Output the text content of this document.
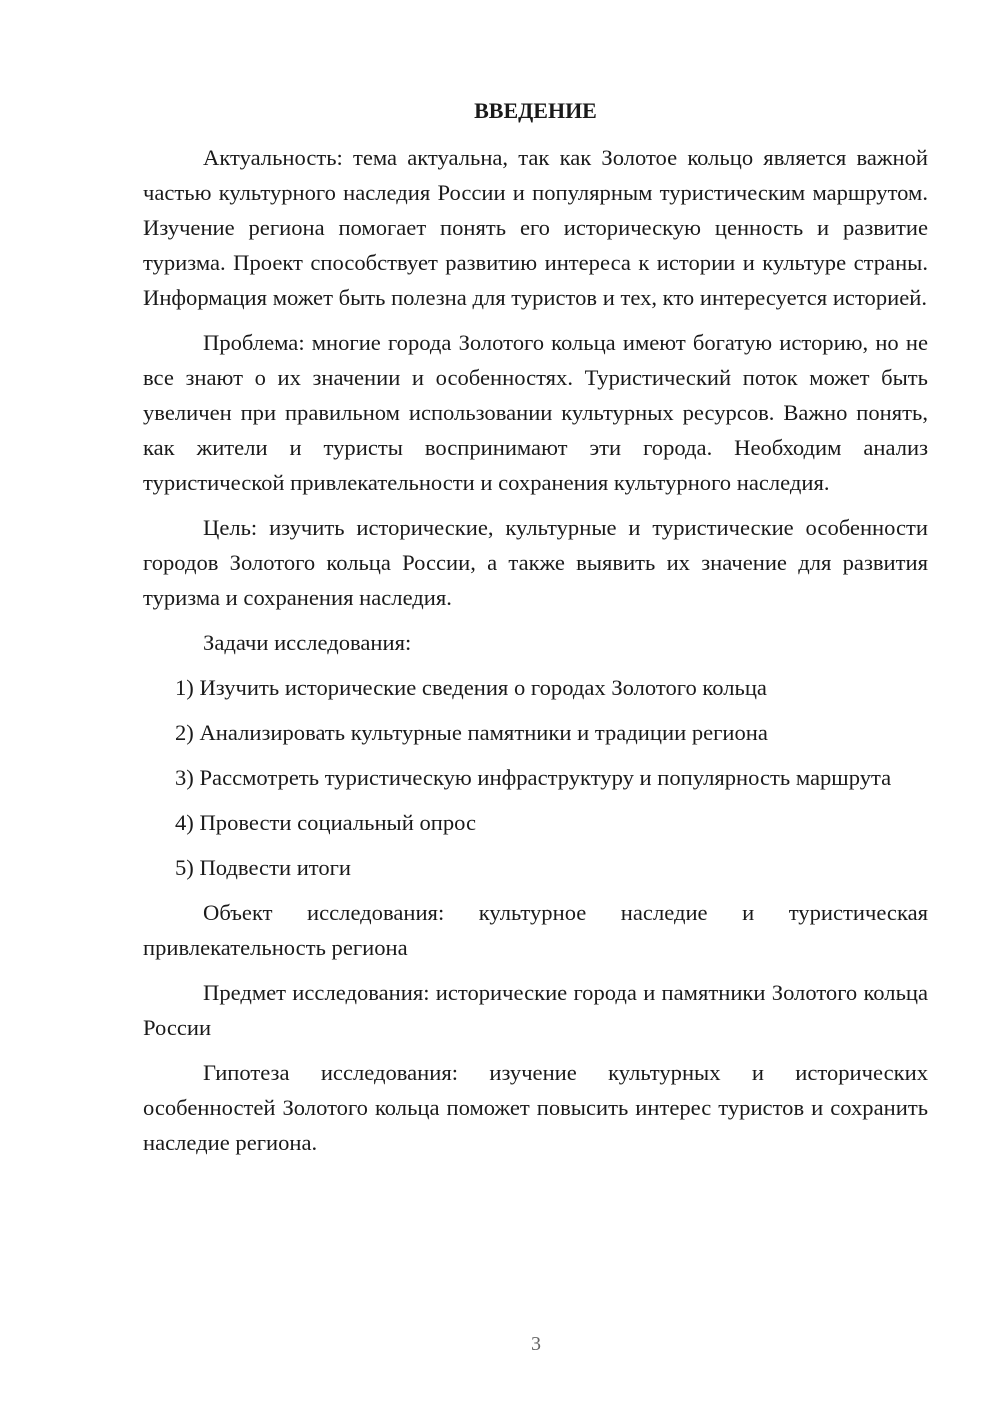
ВВЕДЕНИЕ

Актуальность: тема актуальна, так как Золотое кольцо является важной частью культурного наследия России и популярным туристическим маршрутом. Изучение региона помогает понять его историческую ценность и развитие туризма. Проект способствует развитию интереса к истории и культуре страны. Информация может быть полезна для туристов и тех, кто интересуется историей.

Проблема: многие города Золотого кольца имеют богатую историю, но не все знают о их значении и особенностях. Туристический поток может быть увеличен при правильном использовании культурных ресурсов. Важно понять, как жители и туристы воспринимают эти города. Необходим анализ туристической привлекательности и сохранения культурного наследия.

Цель: изучить исторические, культурные и туристические особенности городов Золотого кольца России, а также выявить их значение для развития туризма и сохранения наследия.

Задачи исследования:

1) Изучить исторические сведения о городах Золотого кольца

2) Анализировать культурные памятники и традиции региона

3) Рассмотреть туристическую инфраструктуру и популярность маршрута

4) Провести социальный опрос

5) Подвести итоги

Объект исследования: культурное наследие и туристическая привлекательность региона

Предмет исследования: исторические города и памятники Золотого кольца России

Гипотеза исследования: изучение культурных и исторических особенностей Золотого кольца поможет повысить интерес туристов и сохранить наследие региона.

3
